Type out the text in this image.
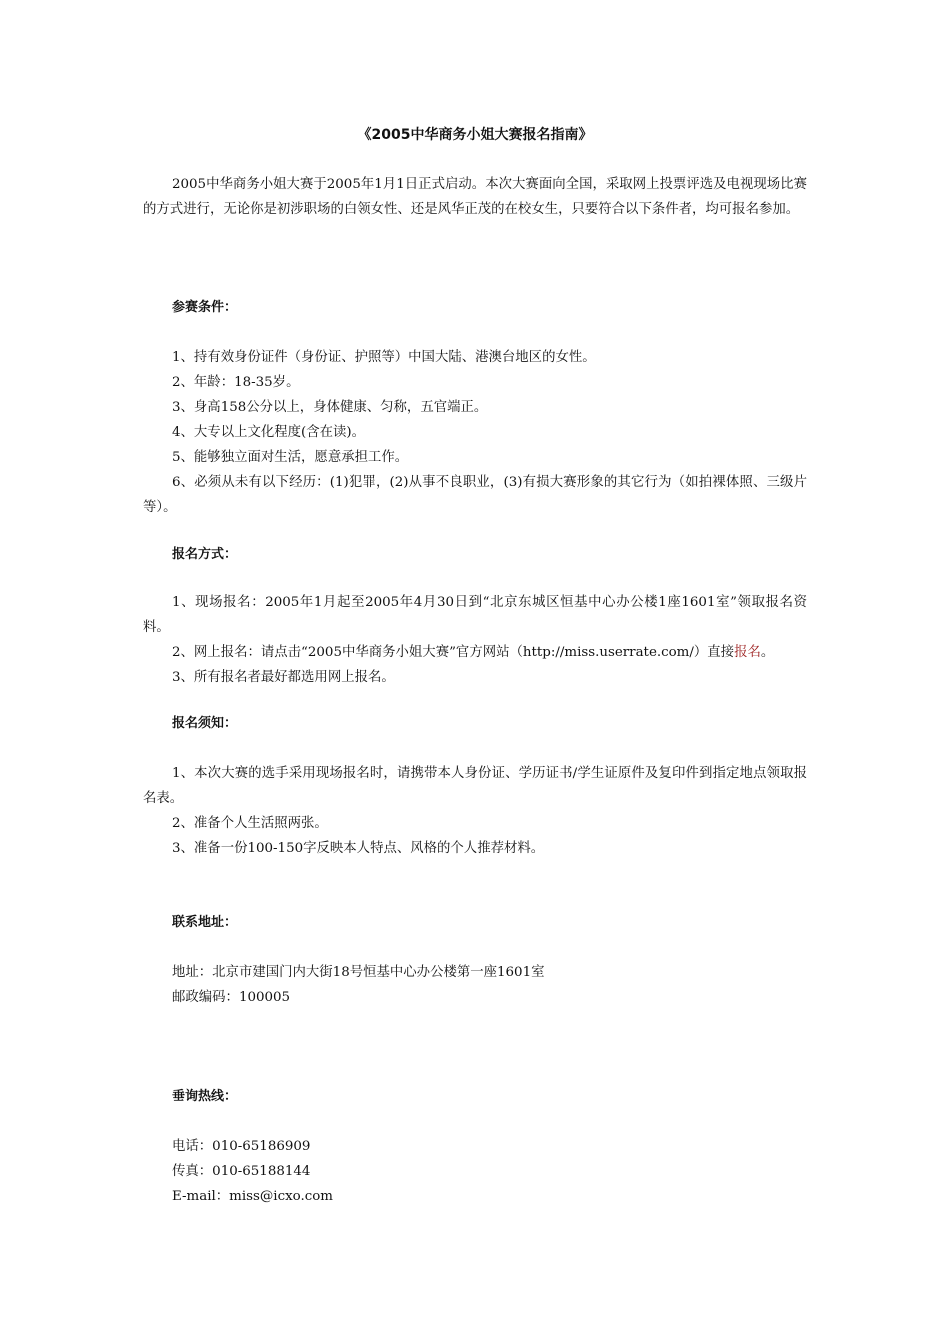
《2005中华商务小姐大赛报名指南》

2005中华商务小姐大赛于2005年1月1日正式启动。本次大赛面向全国，采取网上投票评选及电视现场比赛的方式进行，无论你是初涉职场的白领女性、还是风华正茂的在校女生，只要符合以下条件者，均可报名参加。

参赛条件：

1、持有效身份证件（身份证、护照等）中国大陆、港澳台地区的女性。

2、年龄：18-35岁。

3、身高158公分以上，身体健康、匀称，五官端正。

4、大专以上文化程度(含在读)。

5、能够独立面对生活，愿意承担工作。

6、必须从未有以下经历：(1)犯罪，(2)从事不良职业，(3)有损大赛形象的其它行为（如拍裸体照、三级片等）。

报名方式：

1、现场报名：2005年1月起至2005年4月30日到“北京东城区恒基中心办公楼1座1601室”领取报名资料。

2、网上报名：请点击“2005中华商务小姐大赛”官方网站（http://miss.userrate.com/）直接报名。

3、所有报名者最好都选用网上报名。

报名须知：

1、本次大赛的选手采用现场报名时，请携带本人身份证、学历证书/学生证原件及复印件到指定地点领取报名表。

2、准备个人生活照两张。

3、准备一份100-150字反映本人特点、风格的个人推荐材料。

联系地址：

地址：北京市建国门内大街18号恒基中心办公楼第一座1601室

邮政编码：100005

垂询热线：

电话：010-65186909

传真：010-65188144

E-mail：miss@icxo.com
